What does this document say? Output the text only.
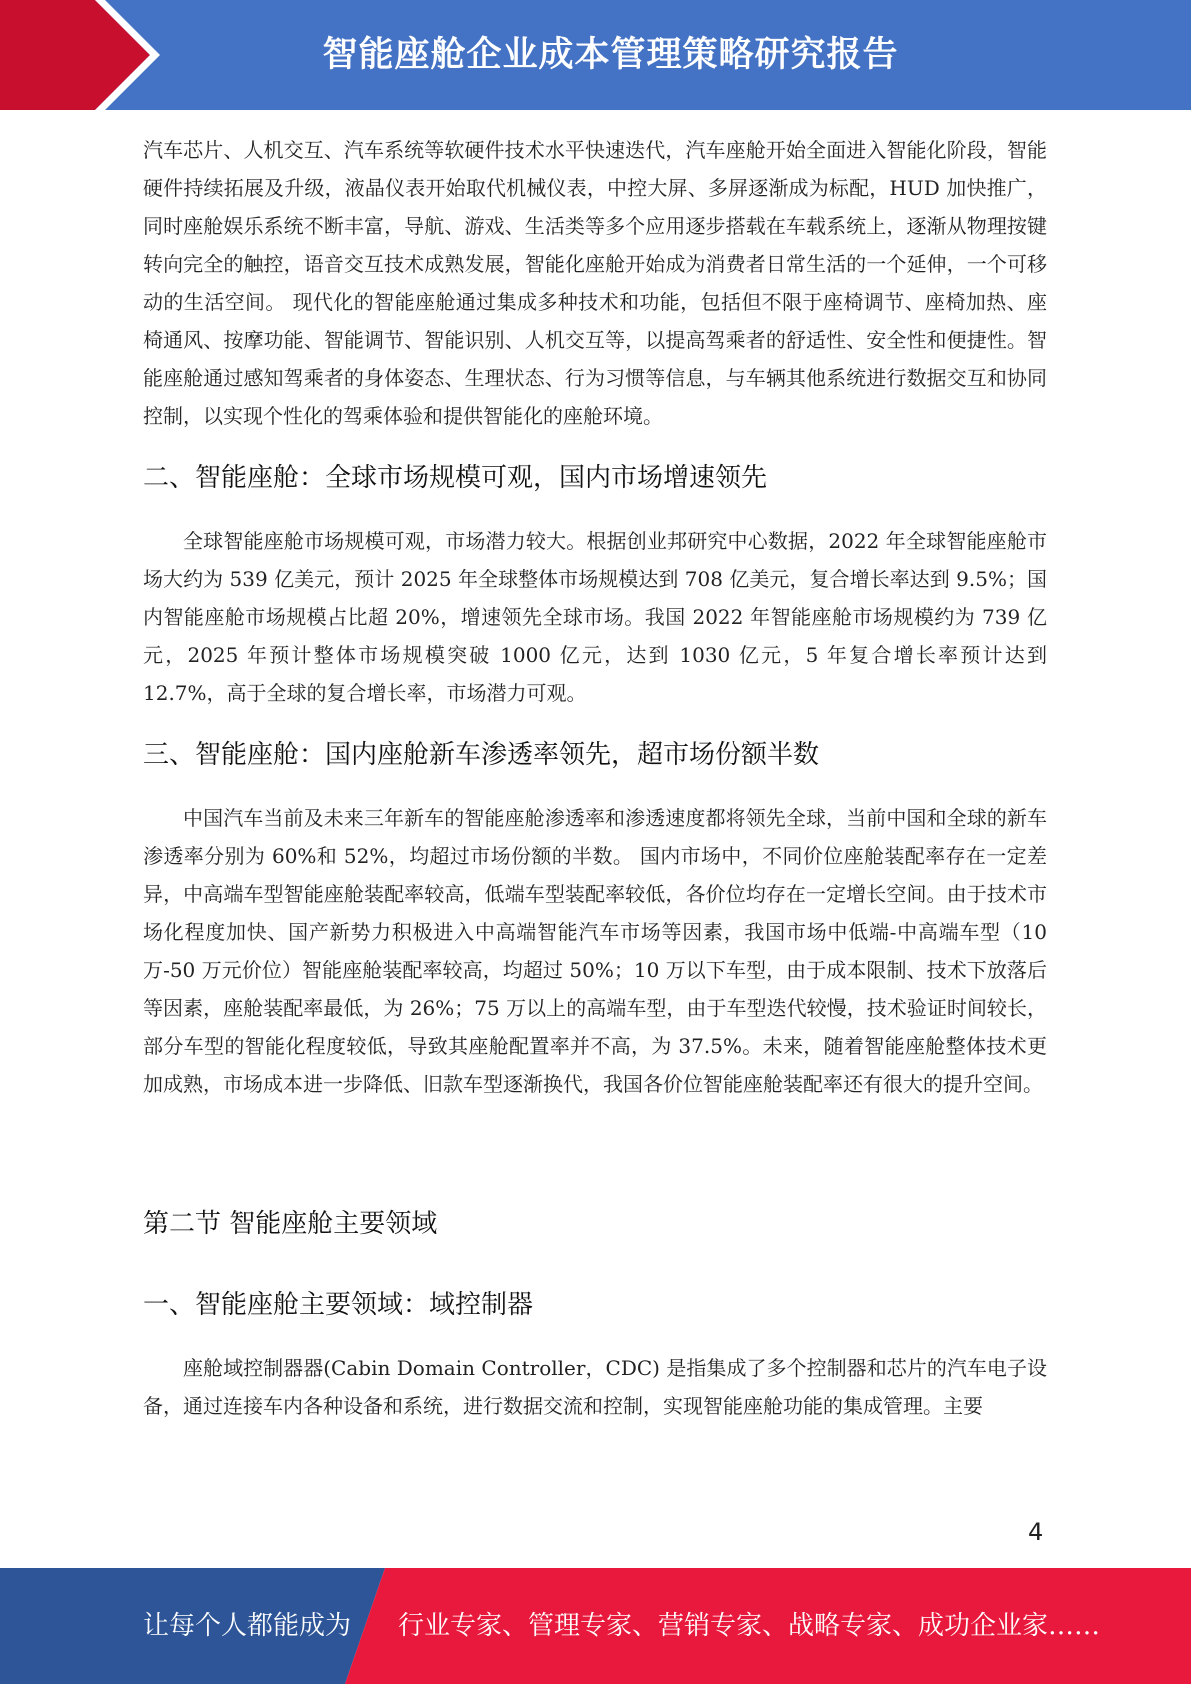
智能座舱企业成本管理策略研究报告

汽车芯片、人机交互、汽车系统等软硬件技术水平快速迭代，汽车座舱开始全面进入智能化阶段，智能硬件持续拓展及升级，液晶仪表开始取代机械仪表，中控大屏、多屏逐渐成为标配，HUD 加快推广，同时座舱娱乐系统不断丰富，导航、游戏、生活类等多个应用逐步搭载在车载系统上，逐渐从物理按键转向完全的触控，语音交互技术成熟发展，智能化座舱开始成为消费者日常生活的一个延伸，一个可移动的生活空间。 现代化的智能座舱通过集成多种技术和功能，包括但不限于座椅调节、座椅加热、座椅通风、按摩功能、智能调节、智能识别、人机交互等，以提高驾乘者的舒适性、安全性和便捷性。智能座舱通过感知驾乘者的身体姿态、生理状态、行为习惯等信息，与车辆其他系统进行数据交互和协同控制，以实现个性化的驾乘体验和提供智能化的座舱环境。

二、智能座舱：全球市场规模可观，国内市场增速领先

全球智能座舱市场规模可观，市场潜力较大。根据创业邦研究中心数据，2022 年全球智能座舱市场大约为 539 亿美元，预计 2025 年全球整体市场规模达到 708 亿美元，复合增长率达到 9.5%；国内智能座舱市场规模占比超 20%，增速领先全球市场。我国 2022 年智能座舱市场规模约为 739 亿元，2025 年预计整体市场规模突破 1000 亿元，达到 1030 亿元，5 年复合增长率预计达到 12.7%，高于全球的复合增长率，市场潜力可观。

三、智能座舱：国内座舱新车渗透率领先，超市场份额半数

中国汽车当前及未来三年新车的智能座舱渗透率和渗透速度都将领先全球，当前中国和全球的新车渗透率分别为 60%和 52%，均超过市场份额的半数。 国内市场中，不同价位座舱装配率存在一定差异，中高端车型智能座舱装配率较高，低端车型装配率较低，各价位均存在一定增长空间。由于技术市场化程度加快、国产新势力积极进入中高端智能汽车市场等因素，我国市场中低端-中高端车型（10 万-50 万元价位）智能座舱装配率较高，均超过 50%；10 万以下车型，由于成本限制、技术下放落后等因素，座舱装配率最低，为 26%；75 万以上的高端车型，由于车型迭代较慢，技术验证时间较长，部分车型的智能化程度较低，导致其座舱配置率并不高，为 37.5%。未来，随着智能座舱整体技术更加成熟，市场成本进一步降低、旧款车型逐渐换代，我国各价位智能座舱装配率还有很大的提升空间。

第二节 智能座舱主要领域
一、智能座舱主要领域：域控制器

座舱域控制器器(Cabin Domain Controller，CDC) 是指集成了多个控制器和芯片的汽车电子设备，通过连接车内各种设备和系统，进行数据交流和控制，实现智能座舱功能的集成管理。主要

4
让每个人都能成为 行业专家、管理专家、营销专家、战略专家、成功企业家……
